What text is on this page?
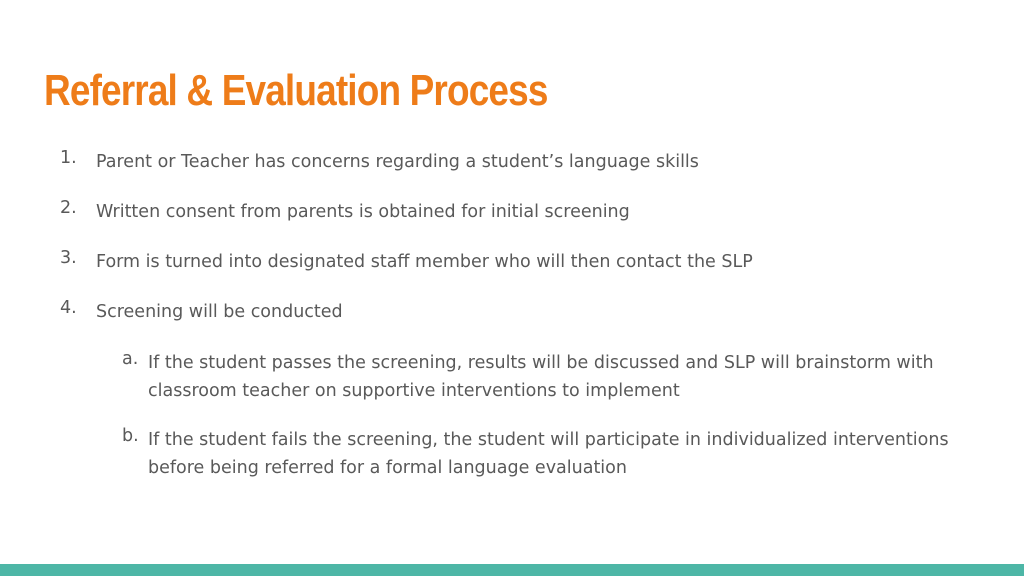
Referral & Evaluation Process
1. Parent or Teacher has concerns regarding a student’s language skills
2. Written consent from parents is obtained for initial screening
3. Form is turned into designated staff member who will then contact the SLP
4. Screening will be conducted
a. If the student passes the screening, results will be discussed and SLP will brainstorm with classroom teacher on supportive interventions to implement
b. If the student fails the screening, the student will participate in individualized interventions before being referred for a formal language evaluation
